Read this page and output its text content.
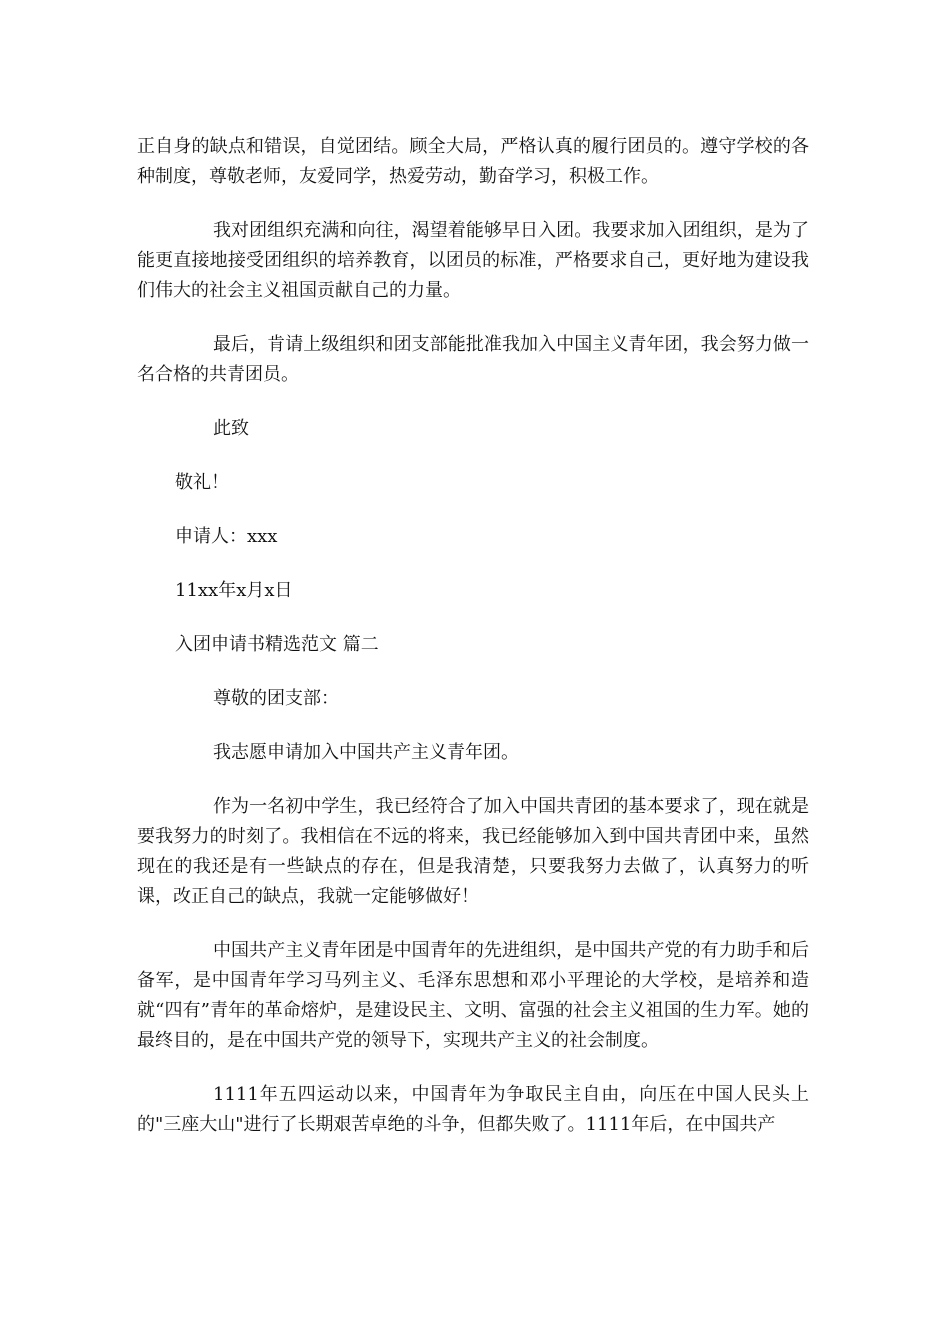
正自身的缺点和错误，自觉团结。顾全大局，严格认真的履行团员的。遵守学校的各种制度，尊敬老师，友爱同学，热爱劳动，勤奋学习，积极工作。

我对团组织充满和向往，渴望着能够早日入团。我要求加入团组织，是为了能更直接地接受团组织的培养教育，以团员的标准，严格要求自己，更好地为建设我们伟大的社会主义祖国贡献自己的力量。

最后，肯请上级组织和团支部能批准我加入中国主义青年团，我会努力做一名合格的共青团员。

此致

敬礼！

申请人：xxx

11xx年x月x日

入团申请书精选范文 篇二

尊敬的团支部：

我志愿申请加入中国共产主义青年团。

作为一名初中学生，我已经符合了加入中国共青团的基本要求了，现在就是要我努力的时刻了。我相信在不远的将来，我已经能够加入到中国共青团中来，虽然现在的我还是有一些缺点的存在，但是我清楚，只要我努力去做了，认真努力的听课，改正自己的缺点，我就一定能够做好！

中国共产主义青年团是中国青年的先进组织，是中国共产党的有力助手和后备军，是中国青年学习马列主义、毛泽东思想和邓小平理论的大学校，是培养和造就“四有”青年的革命熔炉，是建设民主、文明、富强的社会主义祖国的生力军。她的最终目的，是在中国共产党的领导下，实现共产主义的社会制度。

1111年五四运动以来，中国青年为争取民主自由，向压在中国人民头上的"三座大山"进行了长期艰苦卓绝的斗争，但都失败了。1111年后，在中国共产
